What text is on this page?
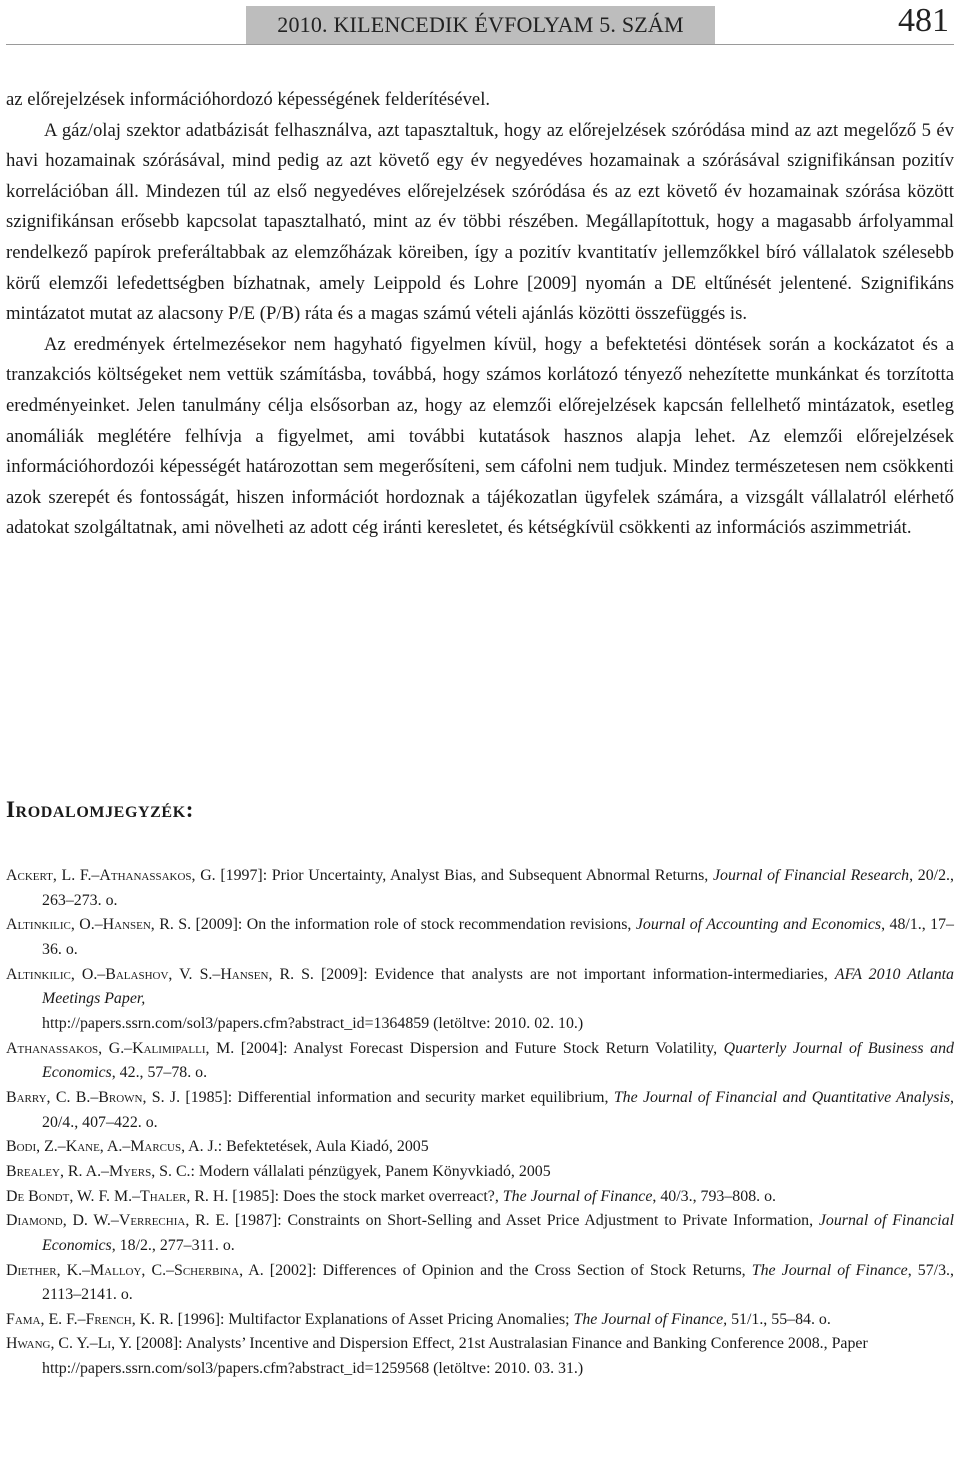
2010. KILENCEDIK ÉVFOLYAM 5. SZÁM	481

az előrejelzések információhordozó képességének felderítésével.

A gáz/olaj szektor adatbázisát felhasználva, azt tapasztaltuk, hogy az előrejelzések szóródása mind az azt megelőző 5 év havi hozamainak szórásával, mind pedig az azt követő egy év negyedéves hozamainak a szórásával szignifikánsan pozitív korrelációban áll. Mindezen túl az első negyedéves előrejelzések szóródása és az ezt követő év hozamainak szórása között szignifikánsan erősebb kapcsolat tapasztalható, mint az év többi részében. Megállapítottuk, hogy a magasabb árfolyammal rendelkező papírok preferáltabbak az elemzőházak köreiben, így a pozitív kvantitatív jellemzőkkel bíró vállalatok szélesebb körű elemzői lefedettségben bízhatnak, amely Leippold és Lohre [2009] nyomán a DE eltűnését jelentené. Szignifikáns mintázatot mutat az alacsony P/E (P/B) ráta és a magas számú vételi ajánlás közötti összefüggés is.

Az eredmények értelmezésekor nem hagyható figyelmen kívül, hogy a befektetési döntések során a kockázatot és a tranzakciós költségeket nem vettük számításba, továbbá, hogy számos korlátozó tényező nehezítette munkánkat és torzította eredményeinket. Jelen tanulmány célja elsősorban az, hogy az elemzői előrejelzések kapcsán fellelhető mintázatok, esetleg anomáliák meglétére felhívja a figyelmet, ami további kutatások hasznos alapja lehet. Az elemzői előrejelzések információhordozói képességét határozottan sem megerősíteni, sem cáfolni nem tudjuk. Mindez természetesen nem csökkenti azok szerepét és fontosságát, hiszen információt hordoznak a tájékozatlan ügyfelek számára, a vizsgált vállalatról elérhető adatokat szolgáltatnak, ami növelheti az adott cég iránti keresletet, és kétségkívül csökkenti az információs aszimmetriát.

Irodalomjegyzék:
Ackert, L. F.–Athanassakos, G. [1997]: Prior Uncertainty, Analyst Bias, and Subsequent Abnormal Returns, Journal of Financial Research, 20/2., 263–273. o.
Altinkilic, O.–Hansen, R. S. [2009]: On the information role of stock recommendation revisions, Journal of Accounting and Economics, 48/1., 17–36. o.
Altinkilic, O.–Balashov, V. S.–Hansen, R. S. [2009]: Evidence that analysts are not important information-intermediaries, AFA 2010 Atlanta Meetings Paper,
http://papers.ssrn.com/sol3/papers.cfm?abstract_id=1364859 (letöltve: 2010. 02. 10.)
Athanassakos, G.–Kalimipalli, M. [2004]: Analyst Forecast Dispersion and Future Stock Return Volatility, Quarterly Journal of Business and Economics, 42., 57–78. o.
Barry, C. B.–Brown, S. J. [1985]: Differential information and security market equilibrium, The Journal of Financial and Quantitative Analysis, 20/4., 407–422. o.
Bodi, Z.–Kane, A.–Marcus, A. J.: Befektetések, Aula Kiadó, 2005
Brealey, R. A.–Myers, S. C.: Modern vállalati pénzügyek, Panem Könyvkiadó, 2005
De Bondt, W. F. M.–Thaler, R. H. [1985]: Does the stock market overreact?, The Journal of Finance, 40/3., 793–808. o.
Diamond, D. W.–Verrechia, R. E. [1987]: Constraints on Short-Selling and Asset Price Adjustment to Private Information, Journal of Financial Economics, 18/2., 277–311. o.
Diether, K.–Malloy, C.–Scherbina, A. [2002]: Differences of Opinion and the Cross Section of Stock Returns, The Journal of Finance, 57/3., 2113–2141. o.
Fama, E. F.–French, K. R. [1996]: Multifactor Explanations of Asset Pricing Anomalies; The Journal of Finance, 51/1., 55–84. o.
Hwang, C. Y.–Li, Y. [2008]: Analysts’ Incentive and Dispersion Effect, 21st Australasian Finance and Banking Conference 2008., Paper
http://papers.ssrn.com/sol3/papers.cfm?abstract_id=1259568 (letöltve: 2010. 03. 31.)
